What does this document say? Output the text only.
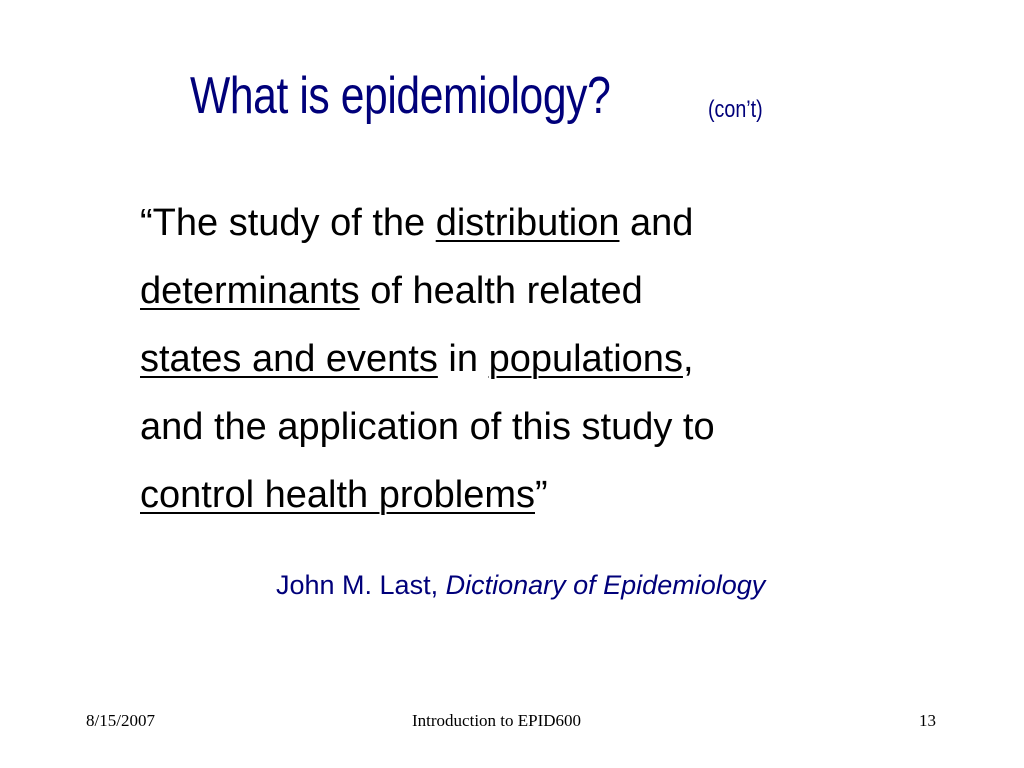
What is epidemiology?	(con’t)
“The study of the distribution and
determinants of health related
states and events in populations,
and the application of this study to
control health problems”
John M. Last, Dictionary of Epidemiology
8/15/2007	Introduction to EPID600	13
